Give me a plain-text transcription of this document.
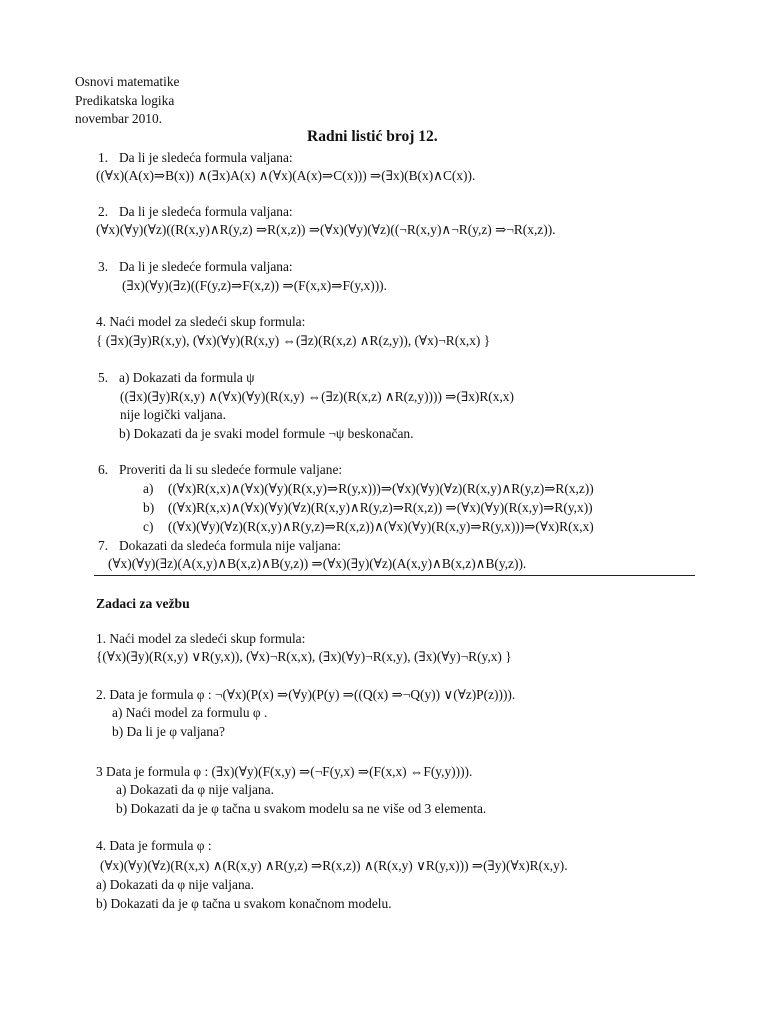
Osnovi matematike
Predikatska logika
novembar 2010.
Radni listić broj 12.
1. Da li je sledeća formula valjana:
((∀x)(A(x)⇒B(x)) ∧(∃x)A(x) ∧(∀x)(A(x)⇒C(x))) ⇒(∃x)(B(x)∧C(x)).
2. Da li je sledeća formula valjana:
(∀x)(∀y)(∀z)((R(x,y)∧R(y,z) ⇒R(x,z)) ⇒(∀x)(∀y)(∀z)((¬R(x,y)∧¬R(y,z) ⇒¬R(x,z)).
3. Da li je sledeće formula valjana:
(∃x)(∀y)(∃z)((F(y,z)⇒F(x,z)) ⇒(F(x,x)⇒F(y,x))).
4. Naći model za sledeći skup formula:
{ (∃x)(∃y)R(x,y), (∀x)(∀y)(R(x,y) ⇔(∃z)(R(x,z) ∧R(z,y)), (∀x)¬R(x,x) }
5. a) Dokazati da formula ψ
((∃x)(∃y)R(x,y) ∧(∀x)(∀y)(R(x,y) ⇔(∃z)(R(x,z) ∧R(z,y)))) ⇒(∃x)R(x,x)
nije logički valjana.
b) Dokazati da je svaki model formule ¬ψ beskonačan.
6. Proveriti da li su sledeće formule valjane:
a) ((∀x)R(x,x)∧(∀x)(∀y)(R(x,y)⇒R(y,x)))⇒(∀x)(∀y)(∀z)(R(x,y)∧R(y,z)⇒R(x,z))
b) ((∀x)R(x,x)∧(∀x)(∀y)(∀z)(R(x,y)∧R(y,z)⇒R(x,z)) ⇒(∀x)(∀y)(R(x,y)⇒R(y,x))
c) ((∀x)(∀y)(∀z)(R(x,y)∧R(y,z)⇒R(x,z))∧(∀x)(∀y)(R(x,y)⇒R(y,x)))⇒(∀x)R(x,x)
7. Dokazati da sledeća formula nije valjana:
(∀x)(∀y)(∃z)(A(x,y)∧B(x,z)∧B(y,z)) ⇒(∀x)(∃y)(∀z)(A(x,y)∧B(x,z)∧B(y,z)).
Zadaci za vežbu
1. Naći model za sledeći skup formula:
{(∀x)(∃y)(R(x,y) ∨R(y,x)), (∀x)¬R(x,x), (∃x)(∀y)¬R(x,y), (∃x)(∀y)¬R(y,x) }
2. Data je formula φ : ¬(∀x)(P(x) ⇒(∀y)(P(y) ⇒((Q(x) ⇒¬Q(y)) ∨(∀z)P(z)))).
a) Naći model za formulu φ .
b) Da li je φ valjana?
3 Data je formula φ : (∃x)(∀y)(F(x,y) ⇒(¬F(y,x) ⇒(F(x,x) ⇔F(y,y)))).
a) Dokazati da φ nije valjana.
b) Dokazati da je φ tačna u svakom modelu sa ne više od 3 elementa.
4. Data je formula φ :
(∀x)(∀y)(∀z)(R(x,x) ∧(R(x,y) ∧R(y,z) ⇒R(x,z)) ∧(R(x,y) ∨R(y,x))) ⇒(∃y)(∀x)R(x,y).
a) Dokazati da φ nije valjana.
b) Dokazati da je φ tačna u svakom konačnom modelu.
